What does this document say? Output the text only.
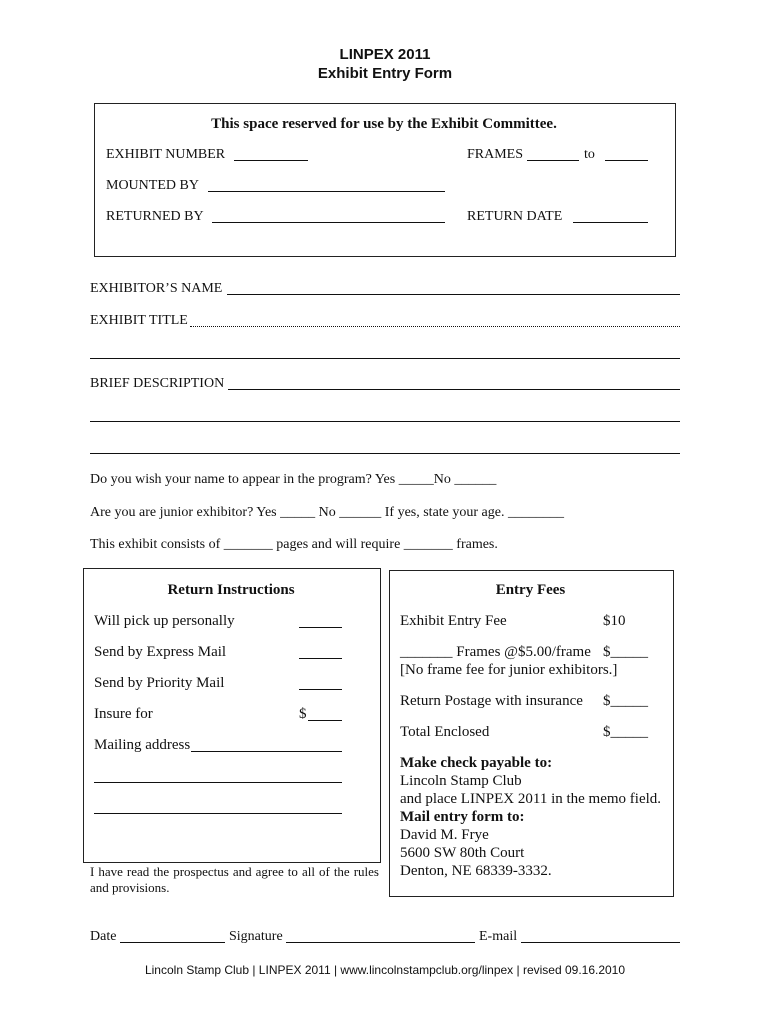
LINPEX 2011
Exhibit Entry Form
This space reserved for use by the Exhibit Committee.
EXHIBIT NUMBER	FRAMES	to
MOUNTED BY
RETURNED BY	RETURN DATE
EXHIBITOR’S NAME
EXHIBIT TITLE
BRIEF DESCRIPTION
Do you wish your name to appear in the program? Yes _____No ______
Are you are junior exhibitor? Yes _____ No ______ If yes, state your age. ________
This exhibit consists of _______ pages and will require _______ frames.
Return Instructions
Will pick up personally
Send by Express Mail
Send by Priority Mail
Insure for	$
Mailing address
I have read the prospectus and agree to all of the rules and provisions.
Entry Fees
Exhibit Entry Fee	$10
_______ Frames @$5.00/frame $_____
[No frame fee for junior exhibitors.]
Return Postage with insurance $_____
Total Enclosed	$_____
Make check payable to:
Lincoln Stamp Club
and place LINPEX 2011 in the memo field.
Mail entry form to:
David M. Frye
5600 SW 80th Court
Denton, NE 68339-3332.
Date	Signature	E-mail
Lincoln Stamp Club | LINPEX 2011 | www.lincolnstampclub.org/linpex | revised 09.16.2010
